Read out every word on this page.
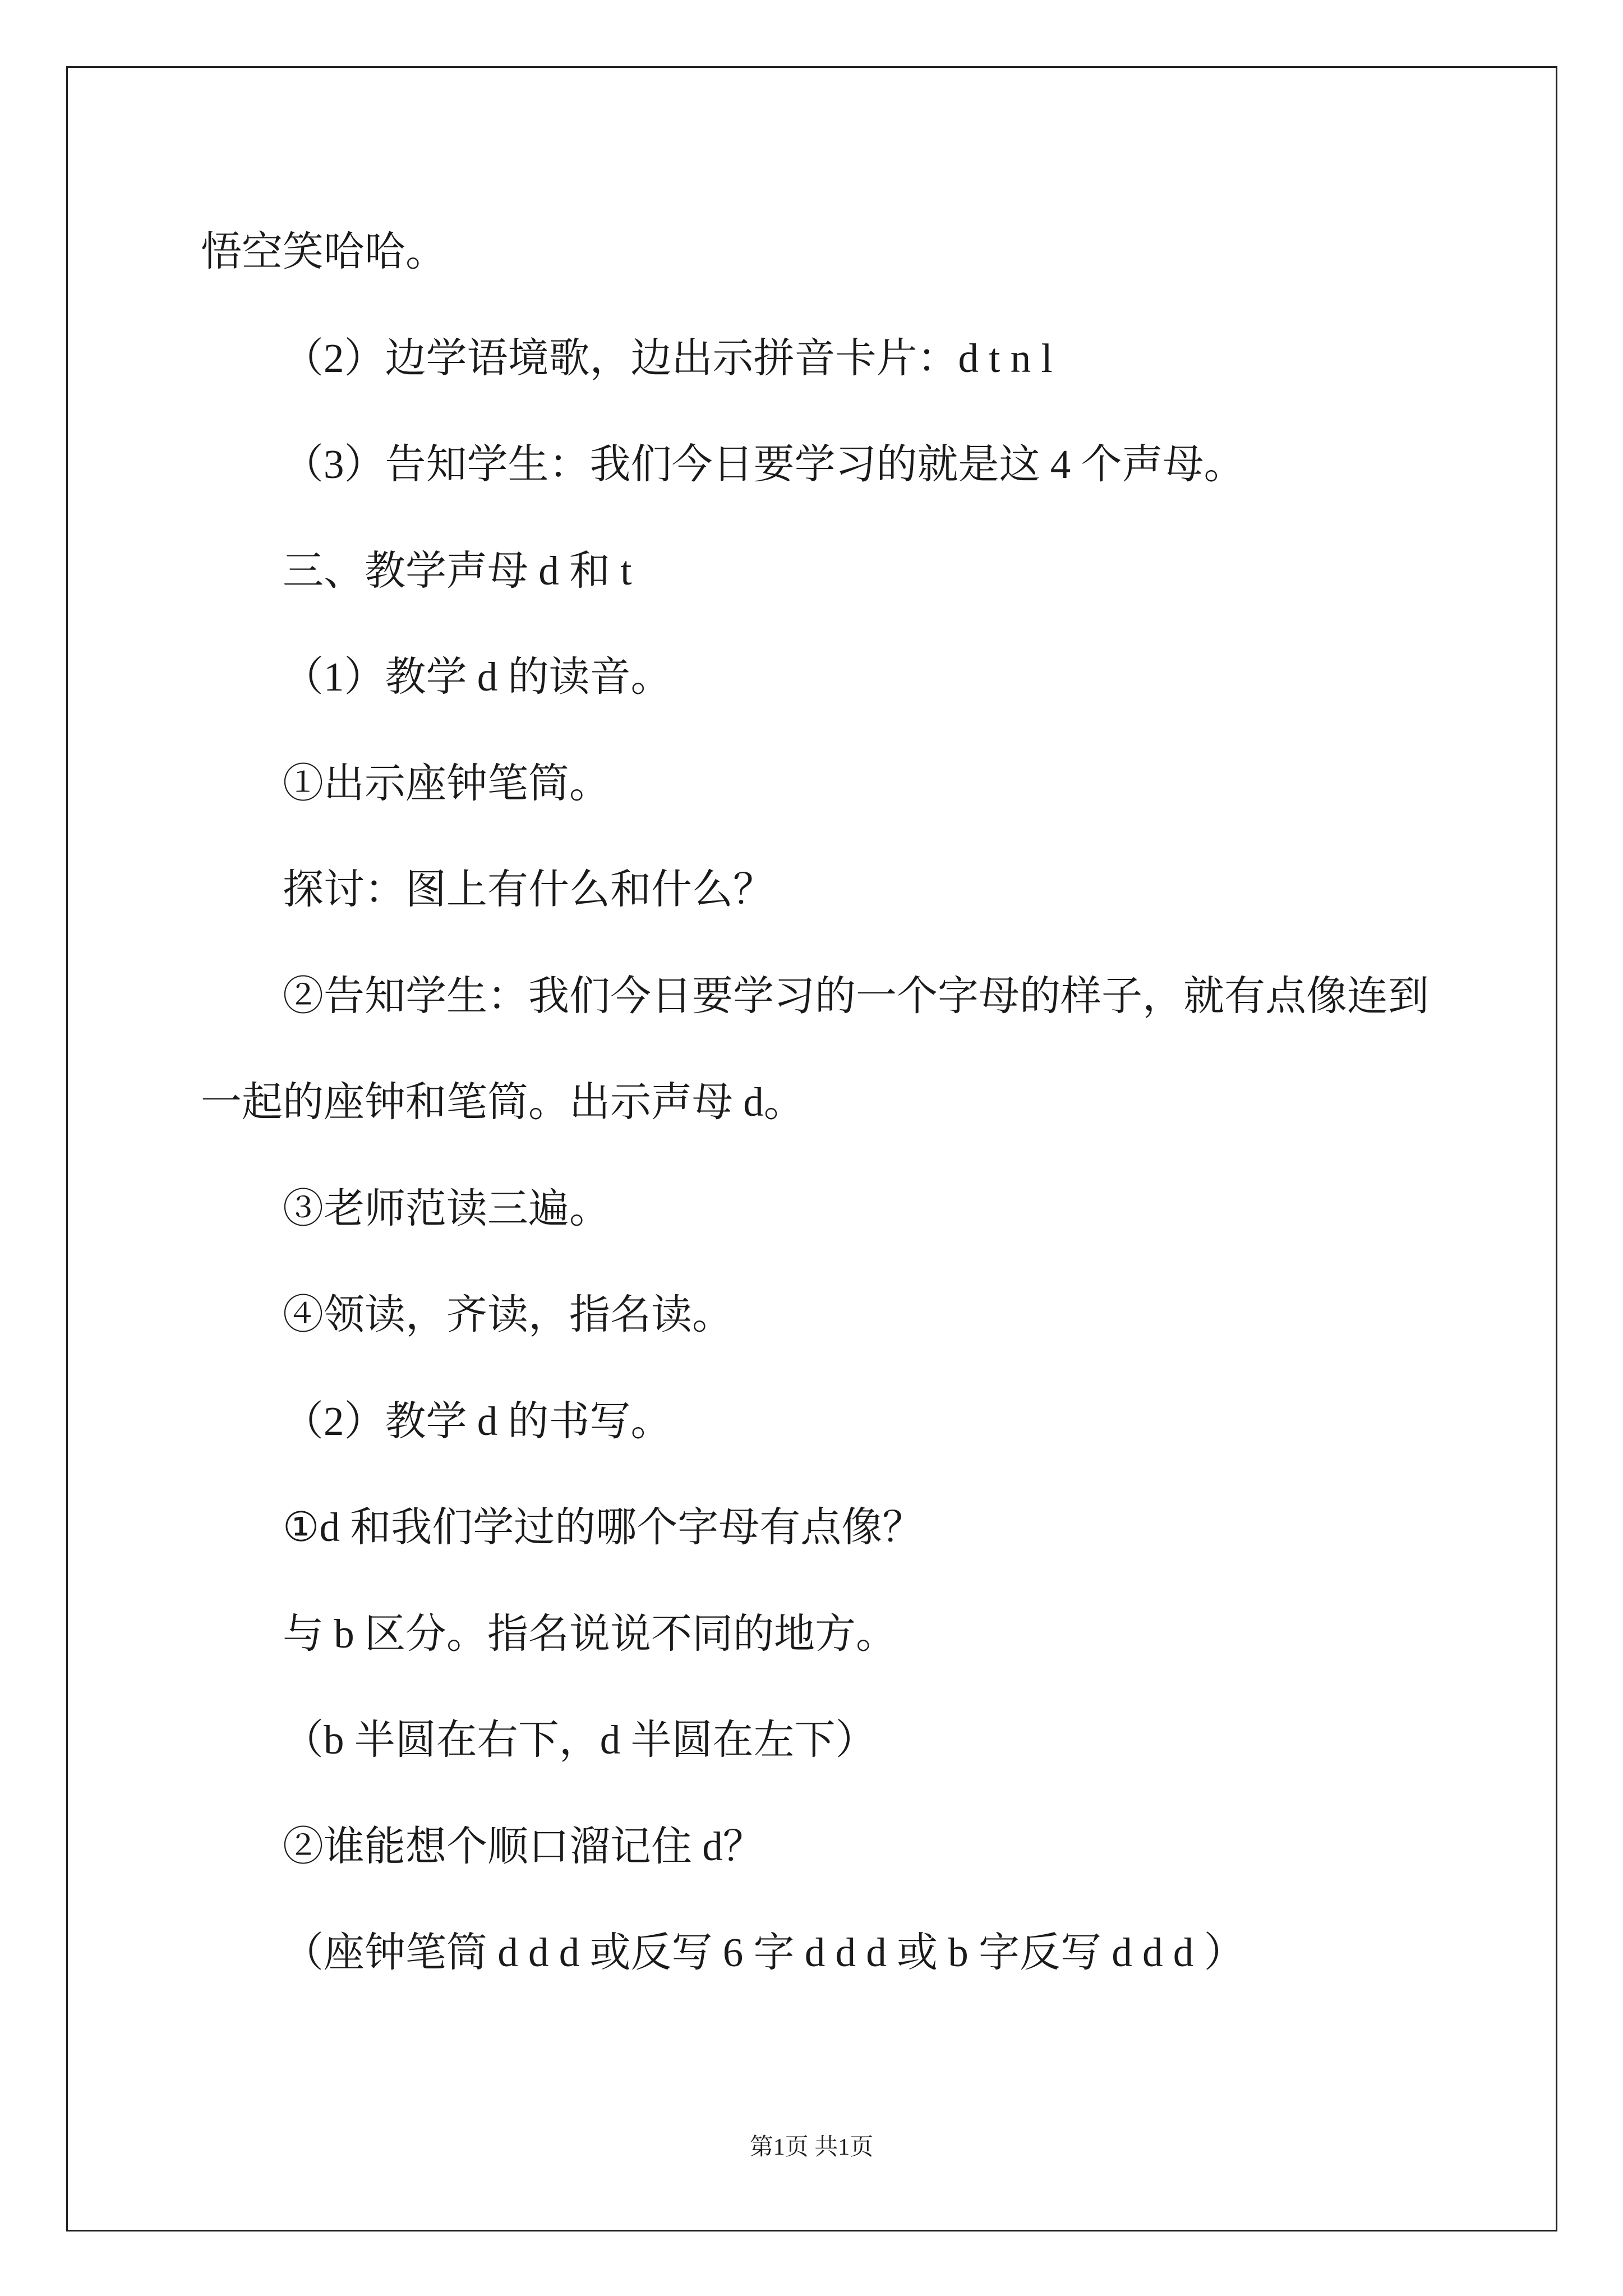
悟空笑哈哈。
（2）边学语境歌，边出示拼音卡片：d t n l
（3）告知学生：我们今日要学习的就是这 4 个声母。
三、教学声母 d 和 t
（1）教学 d 的读音。
①出示座钟笔筒。
探讨：图上有什么和什么？
②告知学生：我们今日要学习的一个字母的样子，就有点像连到
一起的座钟和笔筒。出示声母 d。
③老师范读三遍。
④领读，齐读，指名读。
（2）教学 d 的书写。
①d 和我们学过的哪个字母有点像？
与 b 区分。指名说说不同的地方。
（b 半圆在右下，d 半圆在左下）
②谁能想个顺口溜记住 d？
（座钟笔筒 d d d 或反写 6 字 d d d 或 b 字反写 d d d ）
第1页 共1页
